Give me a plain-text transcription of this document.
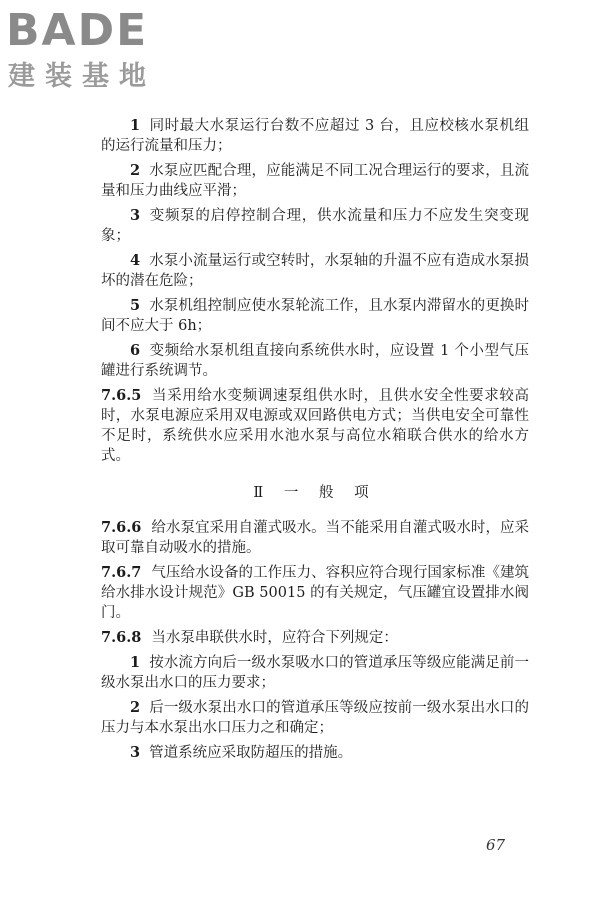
BADE
建装基地

1 同时最大水泵运行台数不应超过 3 台，且应校核水泵机组的运行流量和压力；

2 水泵应匹配合理，应能满足不同工况合理运行的要求，且流量和压力曲线应平滑；

3 变频泵的启停控制合理，供水流量和压力不应发生突变现象；

4 水泵小流量运行或空转时，水泵轴的升温不应有造成水泵损坏的潜在危险；

5 水泵机组控制应使水泵轮流工作，且水泵内滞留水的更换时间不应大于 6h；

6 变频给水泵机组直接向系统供水时，应设置 1 个小型气压罐进行系统调节。

7.6.5 当采用给水变频调速泵组供水时，且供水安全性要求较高时，水泵电源应采用双电源或双回路供电方式；当供电安全可靠性不足时，系统供水应采用水池水泵与高位水箱联合供水的给水方式。

Ⅱ 一 般 项

7.6.6 给水泵宜采用自灌式吸水。当不能采用自灌式吸水时，应采取可靠自动吸水的措施。

7.6.7 气压给水设备的工作压力、容积应符合现行国家标准《建筑给水排水设计规范》GB 50015 的有关规定，气压罐宜设置排水阀门。

7.6.8 当水泵串联供水时，应符合下列规定：

1 按水流方向后一级水泵吸水口的管道承压等级应能满足前一级水泵出水口的压力要求；

2 后一级水泵出水口的管道承压等级应按前一级水泵出水口的压力与本水泵出水口压力之和确定；

3 管道系统应采取防超压的措施。

67
